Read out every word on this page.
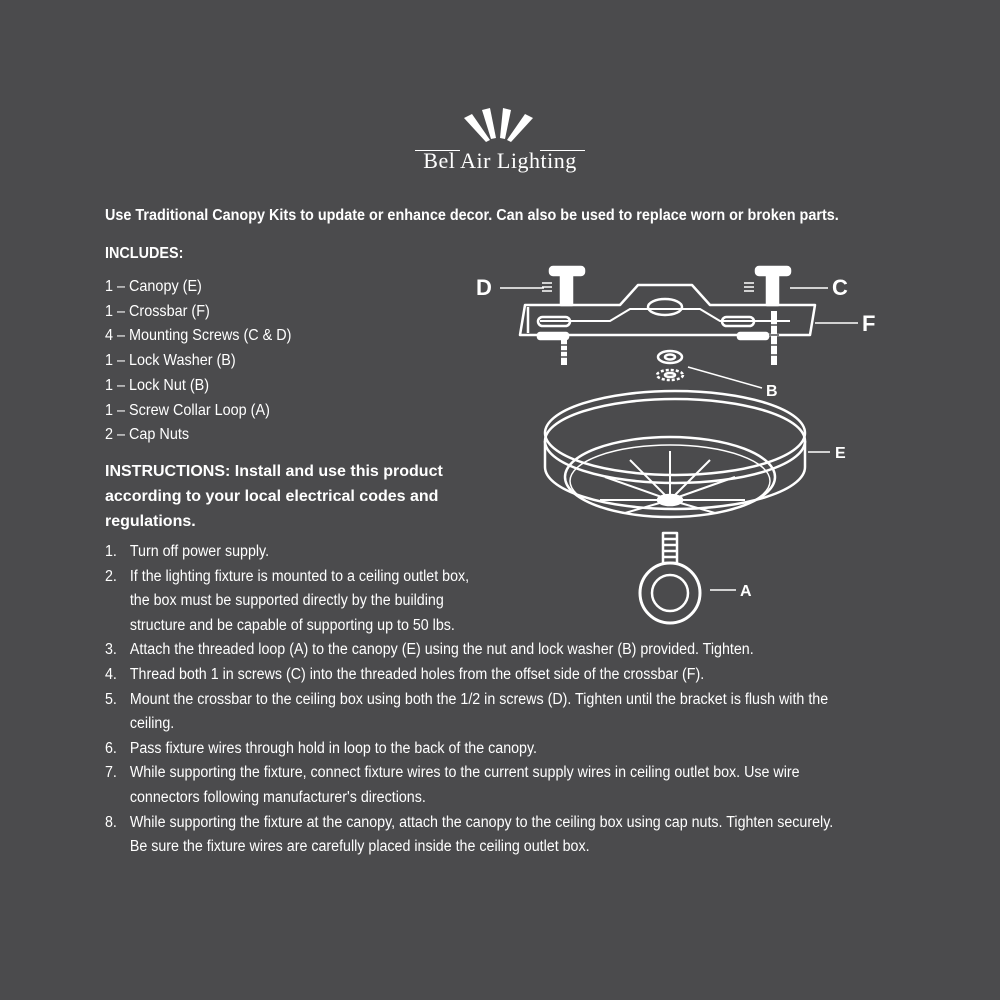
Bel Air Lighting
Use Traditional Canopy Kits to update or enhance decor. Can also be used to replace worn or broken parts.
INCLUDES:
1 – Canopy (E)
1 – Crossbar (F)
4 – Mounting Screws (C & D)
1 – Lock Washer (B)
1 – Lock Nut (B)
1 – Screw Collar Loop (A)
2 – Cap Nuts
INSTRUCTIONS: Install and use this product according to your local electrical codes and regulations.
1. Turn off power supply.
2. If the lighting fixture is mounted to a ceiling outlet box, the box must be supported directly by the building structure and be capable of supporting up to 50 lbs.
3. Attach the threaded loop (A) to the canopy (E) using the nut and lock washer (B) provided. Tighten.
4. Thread both 1 in screws (C) into the threaded holes from the offset side of the crossbar (F).
5. Mount the crossbar to the ceiling box using both the 1/2 in screws (D). Tighten until the bracket is flush with the ceiling.
6. Pass fixture wires through hold in loop to the back of the canopy.
7. While supporting the fixture, connect fixture wires to the current supply wires in ceiling outlet box. Use wire connectors following manufacturer's directions.
8. While supporting the fixture at the canopy, attach the canopy to the ceiling box using cap nuts. Tighten securely. Be sure the fixture wires are carefully placed inside the ceiling outlet box.
D	C
F
B
E
A
